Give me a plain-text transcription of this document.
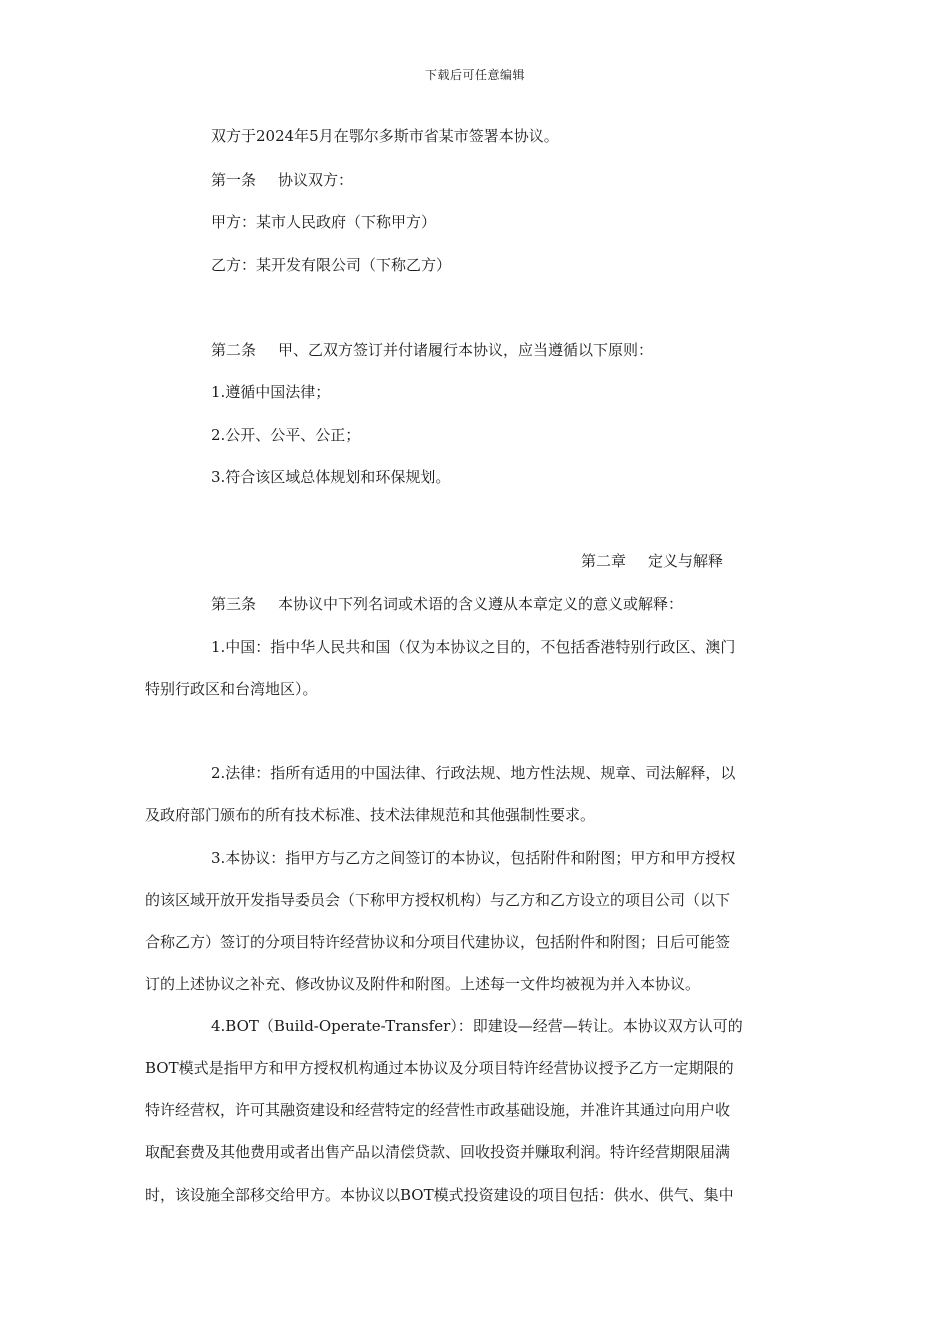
下载后可任意编辑
双方于2024年5月在鄂尔多斯市省某市签署本协议。
第一条 协议双方：
甲方：某市人民政府（下称甲方）
乙方：某开发有限公司（下称乙方）
第二条 甲、乙双方签订并付诸履行本协议，应当遵循以下原则：
1.遵循中国法律；
2.公开、公平、公正；
3.符合该区域总体规划和环保规划。
第二章 定义与解释
第三条 本协议中下列名词或术语的含义遵从本章定义的意义或解释：
1.中国：指中华人民共和国（仅为本协议之目的，不包括香港特别行政区、澳门
特别行政区和台湾地区）。
2.法律：指所有适用的中国法律、行政法规、地方性法规、规章、司法解释，以
及政府部门颁布的所有技术标准、技术法律规范和其他强制性要求。
3.本协议：指甲方与乙方之间签订的本协议，包括附件和附图；甲方和甲方授权
的该区域开放开发指导委员会（下称甲方授权机构）与乙方和乙方设立的项目公司（以下
合称乙方）签订的分项目特许经营协议和分项目代建协议，包括附件和附图；日后可能签
订的上述协议之补充、修改协议及附件和附图。上述每一文件均被视为并入本协议。
4.BOT（Build-Operate-Transfer）：即建设—经营—转让。本协议双方认可的
BOT模式是指甲方和甲方授权机构通过本协议及分项目特许经营协议授予乙方一定期限的
特许经营权，许可其融资建设和经营特定的经营性市政基础设施，并准许其通过向用户收
取配套费及其他费用或者出售产品以清偿贷款、回收投资并赚取利润。特许经营期限届满
时，该设施全部移交给甲方。本协议以BOT模式投资建设的项目包括：供水、供气、集中
